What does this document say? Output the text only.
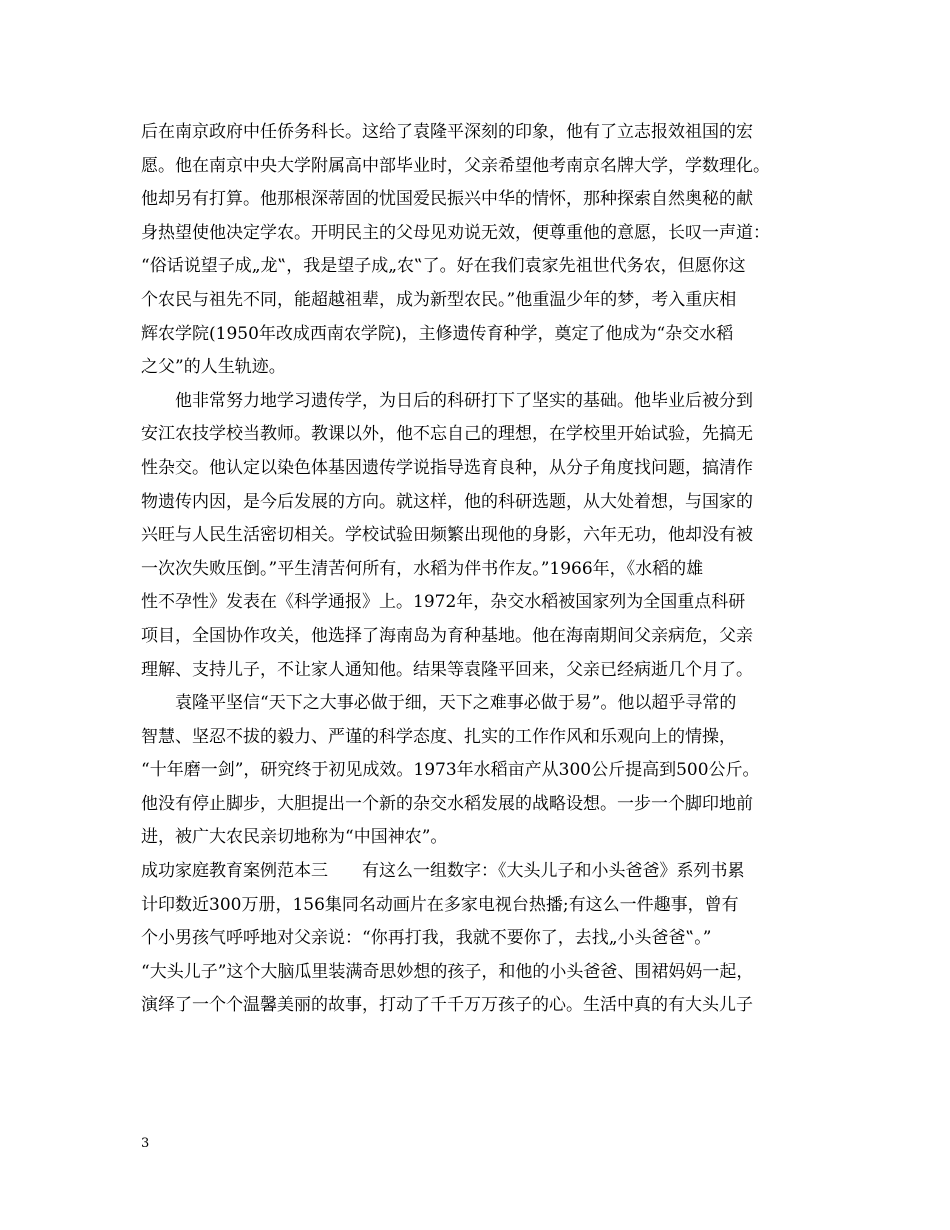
后在南京政府中任侨务科长。这给了袁隆平深刻的印象，他有了立志报效祖国的宏
愿。他在南京中央大学附属高中部毕业时，父亲希望他考南京名牌大学，学数理化。
他却另有打算。他那根深蒂固的忧国爱民振兴中华的情怀，那种探索自然奥秘的献
身热望使他决定学农。开明民主的父母见劝说无效，便尊重他的意愿，长叹一声道：
“俗话说望子成„龙‟，我是望子成„农‟了。好在我们袁家先祖世代务农，但愿你这
个农民与祖先不同，能超越祖辈，成为新型农民。”他重温少年的梦，考入重庆相
辉农学院(1950年改成西南农学院)，主修遗传育种学，奠定了他成为“杂交水稻
之父”的人生轨迹。
他非常努力地学习遗传学，为日后的科研打下了坚实的基础。他毕业后被分到
安江农技学校当教师。教课以外，他不忘自己的理想，在学校里开始试验，先搞无
性杂交。他认定以染色体基因遗传学说指导选育良种，从分子角度找问题，搞清作
物遗传内因，是今后发展的方向。就这样，他的科研选题，从大处着想，与国家的
兴旺与人民生活密切相关。学校试验田频繁出现他的身影，六年无功，他却没有被
一次次失败压倒。”平生清苦何所有，水稻为伴书作友。”1966年，《水稻的雄
性不孕性》发表在《科学通报》上。1972年，杂交水稻被国家列为全国重点科研
项目，全国协作攻关，他选择了海南岛为育种基地。他在海南期间父亲病危，父亲
理解、支持儿子，不让家人通知他。结果等袁隆平回来，父亲已经病逝几个月了。
袁隆平坚信“天下之大事必做于细，天下之难事必做于易”。他以超乎寻常的
智慧、坚忍不拔的毅力、严谨的科学态度、扎实的工作作风和乐观向上的情操，
“十年磨一剑”，研究终于初见成效。1973年水稻亩产从300公斤提高到500公斤。
他没有停止脚步，大胆提出一个新的杂交水稻发展的战略设想。一步一个脚印地前
进，被广大农民亲切地称为“中国神农”。
成功家庭教育案例范本三　　有这么一组数字：《大头儿子和小头爸爸》系列书累
计印数近300万册，156集同名动画片在多家电视台热播;有这么一件趣事，曾有
个小男孩气呼呼地对父亲说：“你再打我，我就不要你了，去找„小头爸爸‟。”
“大头儿子”这个大脑瓜里装满奇思妙想的孩子，和他的小头爸爸、围裙妈妈一起，
演绎了一个个温馨美丽的故事，打动了千千万万孩子的心。生活中真的有大头儿子
3
